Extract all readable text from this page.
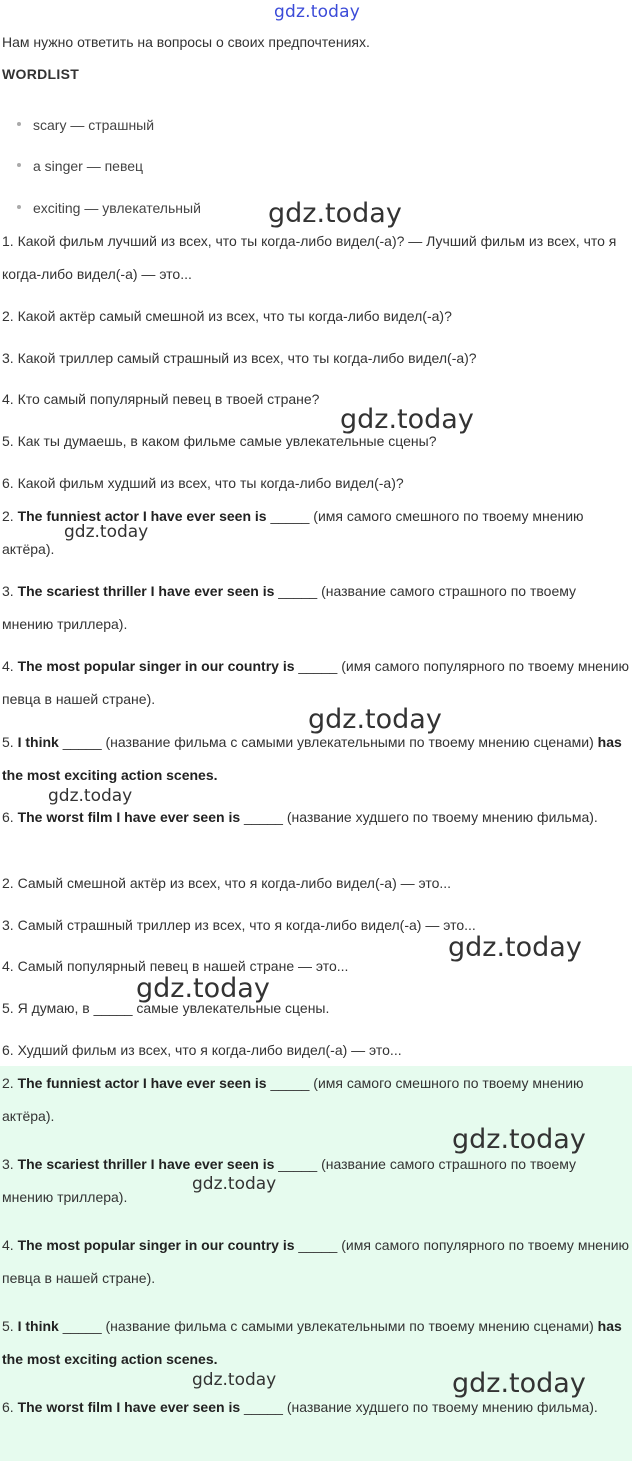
gdz.today
Нам нужно ответить на вопросы о своих предпочтениях.
WORDLIST
scary — страшный
a singer — певец
exciting — увлекательный
1. Какой фильм лучший из всех, что ты когда-либо видел(-а)? — Лучший фильм из всех, что я когда-либо видел(-а) — это...
2. Какой актёр самый смешной из всех, что ты когда-либо видел(-а)?
3. Какой триллер самый страшный из всех, что ты когда-либо видел(-а)?
4. Кто самый популярный певец в твоей стране?
5. Как ты думаешь, в каком фильме самые увлекательные сцены?
6. Какой фильм худший из всех, что ты когда-либо видел(-а)?
2. The funniest actor I have ever seen is _____ (имя самого смешного по твоему мнению актёра).
3. The scariest thriller I have ever seen is _____ (название самого страшного по твоему мнению триллера).
4. The most popular singer in our country is _____ (имя самого популярного по твоему мнению певца в нашей стране).
5. I think _____ (название фильма с самыми увлекательными по твоему мнению сценами) has the most exciting action scenes.
6. The worst film I have ever seen is _____ (название худшего по твоему мнению фильма).
2. Самый смешной актёр из всех, что я когда-либо видел(-а) — это...
3. Самый страшный триллер из всех, что я когда-либо видел(-а) — это...
4. Самый популярный певец в нашей стране — это...
5. Я думаю, в _____ самые увлекательные сцены.
6. Худший фильм из всех, что я когда-либо видел(-а) — это...
2. The funniest actor I have ever seen is _____ (имя самого смешного по твоему мнению актёра).
3. The scariest thriller I have ever seen is _____ (название самого страшного по твоему мнению триллера).
4. The most popular singer in our country is _____ (имя самого популярного по твоему мнению певца в нашей стране).
5. I think _____ (название фильма с самыми увлекательными по твоему мнению сценами) has the most exciting action scenes.
6. The worst film I have ever seen is _____ (название худшего по твоему мнению фильма).
gdz.today
gdz.today
gdz.today
gdz.today
gdz.today
gdz.today
gdz.today
gdz.today
gdz.today
gdz.today	gdz.today
